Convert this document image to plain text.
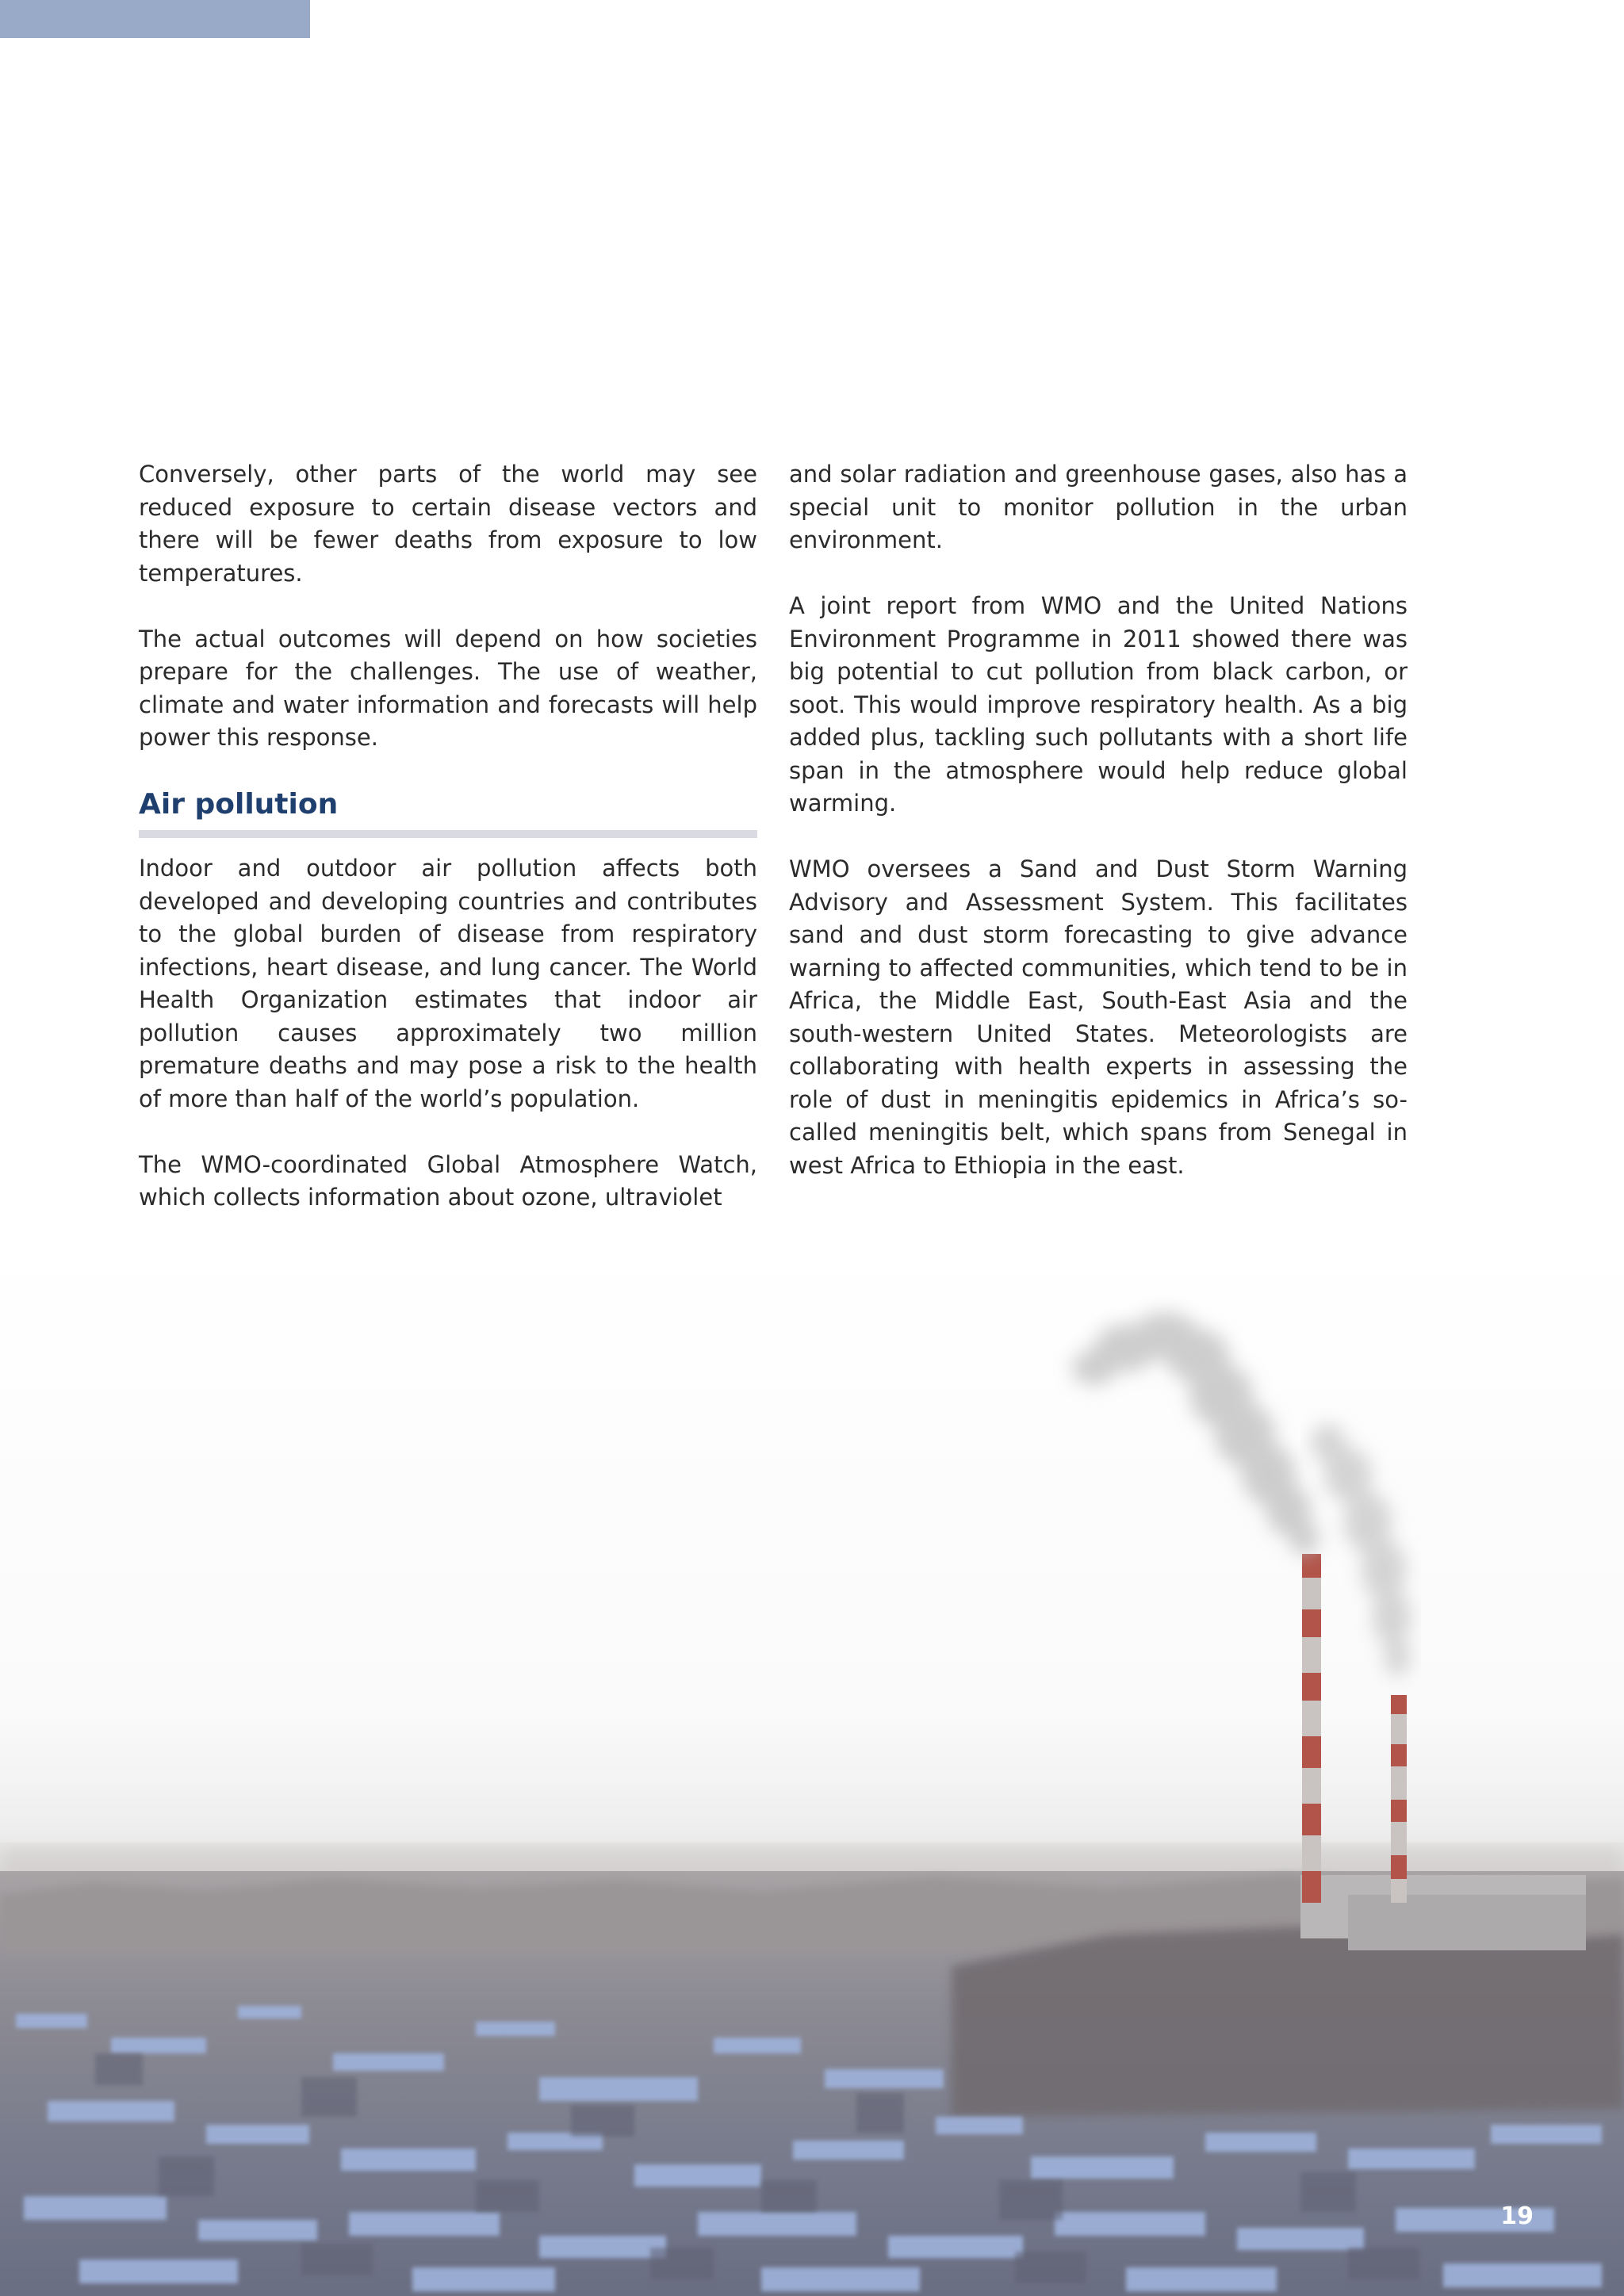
Conversely, other parts of the world may see reduced exposure to certain disease vectors and there will be fewer deaths from exposure to low temperatures.

The actual outcomes will depend on how societies prepare for the challenges. The use of weather, climate and water information and forecasts will help power this response.

Air pollution

Indoor and outdoor air pollution affects both developed and developing countries and contributes to the global burden of disease from respiratory infections, heart disease, and lung cancer. The World Health Organization estimates that indoor air pollution causes approximately two million premature deaths and may pose a risk to the health of more than half of the world’s population.

The WMO-coordinated Global Atmosphere Watch, which collects information about ozone, ultraviolet

and solar radiation and greenhouse gases, also has a special unit to monitor pollution in the urban environment.

A joint report from WMO and the United Nations Environment Programme in 2011 showed there was big potential to cut pollution from black carbon, or soot. This would improve respiratory health. As a big added plus, tackling such pollutants with a short life span in the atmosphere would help reduce global warming.

WMO oversees a Sand and Dust Storm Warning Advisory and Assessment System. This facilitates sand and dust storm forecasting to give advance warning to affected communities, which tend to be in Africa, the Middle East, South-East Asia and the south-western United States. Meteorologists are collaborating with health experts in assessing the role of dust in meningitis epidemics in Africa’s so-called meningitis belt, which spans from Senegal in west Africa to Ethiopia in the east.

19
